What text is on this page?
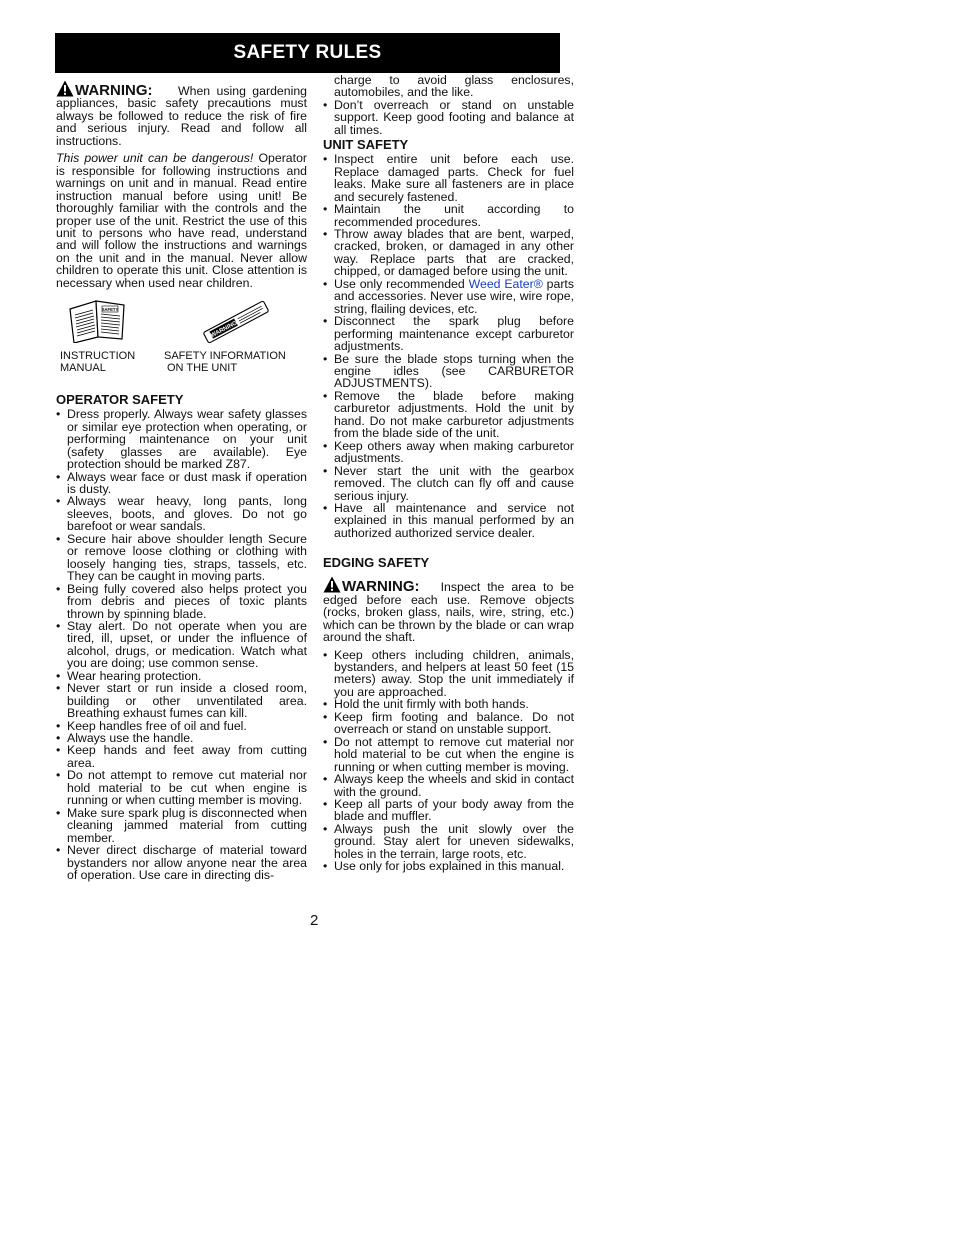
SAFETY RULES

WARNING: When using gardening appliances, basic safety precautions must always be followed to reduce the risk of fire and serious injury. Read and follow all instructions.

This power unit can be dangerous! Operator is responsible for following instructions and warnings on unit and in manual. Read entire instruction manual before using unit! Be thoroughly familiar with the controls and the proper use of the unit. Restrict the use of this unit to persons who have read, understand and will follow the instructions and warnings on the unit and in the manual. Never allow children to operate this unit. Close attention is necessary when used near children.

SAFETY
WARNING
INSTRUCTION
MANUAL
SAFETY INFORMATION
ON THE UNIT
OPERATOR SAFETY
• Dress properly. Always wear safety glasses or similar eye protection when operating, or performing maintenance on your unit (safety glasses are available). Eye protection should be marked Z87.
• Always wear face or dust mask if operation is dusty.
• Always wear heavy, long pants, long sleeves, boots, and gloves. Do not go barefoot or wear sandals.
• Secure hair above shoulder length Secure or remove loose clothing or clothing with loosely hanging ties, straps, tassels, etc. They can be caught in moving parts.
• Being fully covered also helps protect you from debris and pieces of toxic plants thrown by spinning blade.
• Stay alert. Do not operate when you are tired, ill, upset, or under the influence of alcohol, drugs, or medication. Watch what you are doing; use common sense.
• Wear hearing protection.
• Never start or run inside a closed room, building or other unventilated area. Breathing exhaust fumes can kill.
• Keep handles free of oil and fuel.
• Always use the handle.
• Keep hands and feet away from cutting area.
• Do not attempt to remove cut material nor hold material to be cut when engine is running or when cutting member is moving.
• Make sure spark plug is disconnected when cleaning jammed material from cutting member.
• Never direct discharge of material toward bystanders nor allow anyone near the area of operation. Use care in directing dis-

charge to avoid glass enclosures, automobiles, and the like.

• Don’t overreach or stand on unstable support. Keep good footing and balance at all times.
UNIT SAFETY
• Inspect entire unit before each use. Replace damaged parts. Check for fuel leaks. Make sure all fasteners are in place and securely fastened.
• Maintain the unit according to recommended procedures.
• Throw away blades that are bent, warped, cracked, broken, or damaged in any other way. Replace parts that are cracked, chipped, or damaged before using the unit.
• Use only recommended Weed Eater® parts and accessories. Never use wire, wire rope, string, flailing devices, etc.
• Disconnect the spark plug before performing maintenance except carburetor adjustments.
• Be sure the blade stops turning when the engine idles (see CARBURETOR ADJUSTMENTS).
• Remove the blade before making carburetor adjustments. Hold the unit by hand. Do not make carburetor adjustments from the blade side of the unit.
• Keep others away when making carburetor adjustments.
• Never start the unit with the gearbox removed. The clutch can fly off and cause serious injury.
• Have all maintenance and service not explained in this manual performed by an authorized authorized service dealer.
EDGING SAFETY

WARNING: Inspect the area to be edged before each use. Remove objects (rocks, broken glass, nails, wire, string, etc.) which can be thrown by the blade or can wrap around the shaft.

• Keep others including children, animals, bystanders, and helpers at least 50 feet (15 meters) away. Stop the unit immediately if you are approached.
• Hold the unit firmly with both hands.
• Keep firm footing and balance. Do not overreach or stand on unstable support.
• Do not attempt to remove cut material nor hold material to be cut when the engine is running or when cutting member is moving.
• Always keep the wheels and skid in contact with the ground.
• Keep all parts of your body away from the blade and muffler.
• Always push the unit slowly over the ground. Stay alert for uneven sidewalks, holes in the terrain, large roots, etc.
• Use only for jobs explained in this manual.
2
